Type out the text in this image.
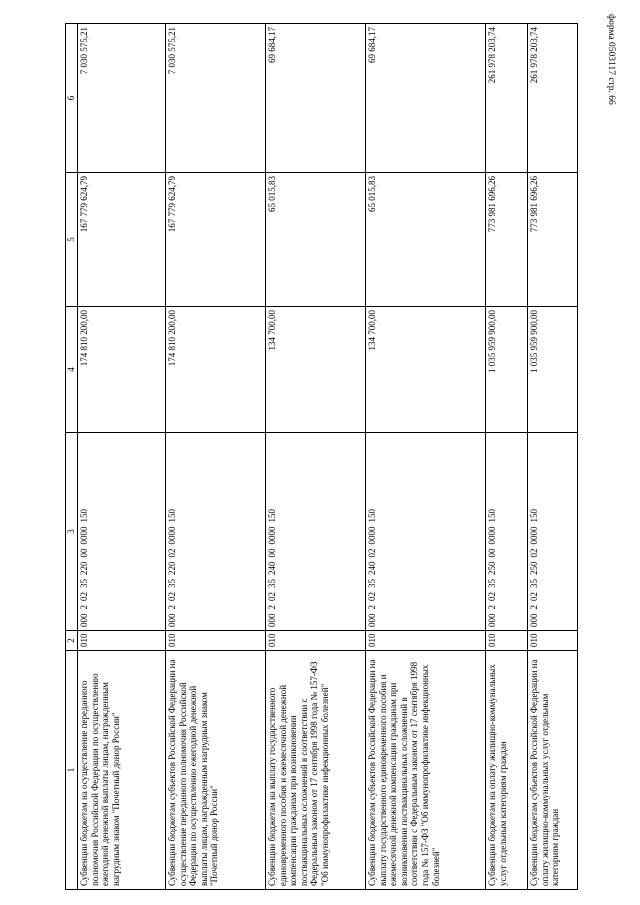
форма 0503117 стр. 66
1	2	3	4	5	6
Субвенции бюджетам на осуществление переданного полномочия Российской Федерации по осуществлению ежегодной денежной выплаты лицам, награжденным нагрудным знаком "Почетный донор России"	010	00020235220000000150	174 810 200,00	167 779 624,79	7 030 575,21
Субвенции бюджетам субъектов Российской Федерации на осуществление переданного полномочия Российской Федерации по осуществлению ежегодной денежной выплаты лицам, награжденным нагрудным знаком "Почетный донор России"	010	00020235220020000150	174 810 200,00	167 779 624,79	7 030 575,21
Субвенции бюджетам на выплату государственного единовременного пособия и ежемесячной денежной компенсации гражданам при возникновении поствакцинальных осложнений в соответствии с Федеральным законом от 17 сентября 1998 года № 157-ФЗ "Об иммунопрофилактике инфекционных болезней"	010	00020235240000000150	134 700,00	65 015,83	69 684,17
Субвенции бюджетам субъектов Российской Федерации на выплату государственного единовременного пособия и ежемесячной денежной компенсации гражданам при возникновении поствакцинальных осложнений в соответствии с Федеральным законом от 17 сентября 1998 года № 157-ФЗ "Об иммунопрофилактике инфекционных болезней"	010	00020235240020000150	134 700,00	65 015,83	69 684,17
Субвенции бюджетам на оплату жилищно-коммунальных услуг отдельным категориям граждан	010	00020235250000000150	1 035 959 900,00	773 981 696,26	261 978 203,74
Субвенции бюджетам субъектов Российской Федерации на оплату жилищно-коммунальных услуг отдельным категориям граждан	010	00020235250020000150	1 035 959 900,00	773 981 696,26	261 978 203,74
